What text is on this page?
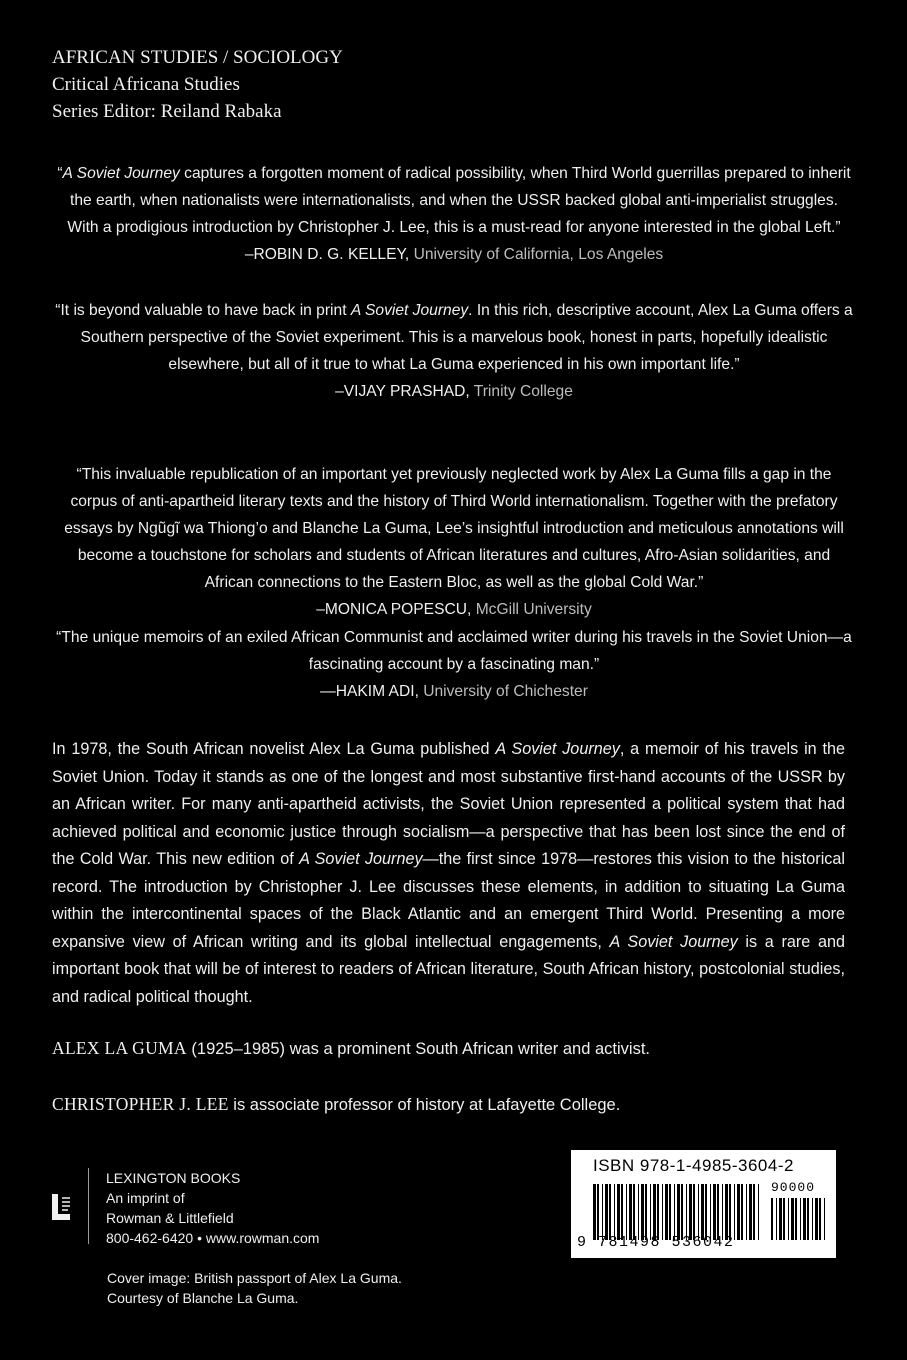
AFRICAN STUDIES / SOCIOLOGY
Critical Africana Studies
Series Editor: Reiland Rabaka
“A Soviet Journey captures a forgotten moment of radical possibility, when Third World guerrillas prepared to inherit the earth, when nationalists were internationalists, and when the USSR backed global anti-imperialist struggles. With a prodigious introduction by Christopher J. Lee, this is a must-read for anyone interested in the global Left.”
–ROBIN D. G. KELLEY, University of California, Los Angeles
“It is beyond valuable to have back in print A Soviet Journey. In this rich, descriptive account, Alex La Guma offers a Southern perspective of the Soviet experiment. This is a marvelous book, honest in parts, hopefully idealistic elsewhere, but all of it true to what La Guma experienced in his own important life.”
–VIJAY PRASHAD, Trinity College
“This invaluable republication of an important yet previously neglected work by Alex La Guma fills a gap in the corpus of anti-apartheid literary texts and the history of Third World internationalism. Together with the prefatory essays by Ngũgĩ wa Thiong’o and Blanche La Guma, Lee’s insightful introduction and meticulous annotations will become a touchstone for scholars and students of African literatures and cultures, Afro-Asian solidarities, and African connections to the Eastern Bloc, as well as the global Cold War.”
–MONICA POPESCU, McGill University
“The unique memoirs of an exiled African Communist and acclaimed writer during his travels in the Soviet Union—a fascinating account by a fascinating man.”
—HAKIM ADI, University of Chichester
In 1978, the South African novelist Alex La Guma published A Soviet Journey, a memoir of his travels in the Soviet Union. Today it stands as one of the longest and most substantive first-hand accounts of the USSR by an African writer. For many anti-apartheid activists, the Soviet Union represented a political system that had achieved political and economic justice through socialism—a perspective that has been lost since the end of the Cold War. This new edition of A Soviet Journey—the first since 1978—restores this vision to the historical record. The introduction by Christopher J. Lee discusses these elements, in addition to situating La Guma within the intercontinental spaces of the Black Atlantic and an emergent Third World. Presenting a more expansive view of African writing and its global intellectual engagements, A Soviet Journey is a rare and important book that will be of interest to readers of African literature, South African history, postcolonial studies, and radical political thought.
ALEX LA GUMA (1925–1985) was a prominent South African writer and activist.
CHRISTOPHER J. LEE is associate professor of history at Lafayette College.
LEXINGTON BOOKS
An imprint of
Rowman & Littlefield
800-462-6420 • www.rowman.com
Cover image: British passport of Alex La Guma.
Courtesy of Blanche La Guma.
ISBN 978-1-4985-3604-2
90000
9 781498 536042
